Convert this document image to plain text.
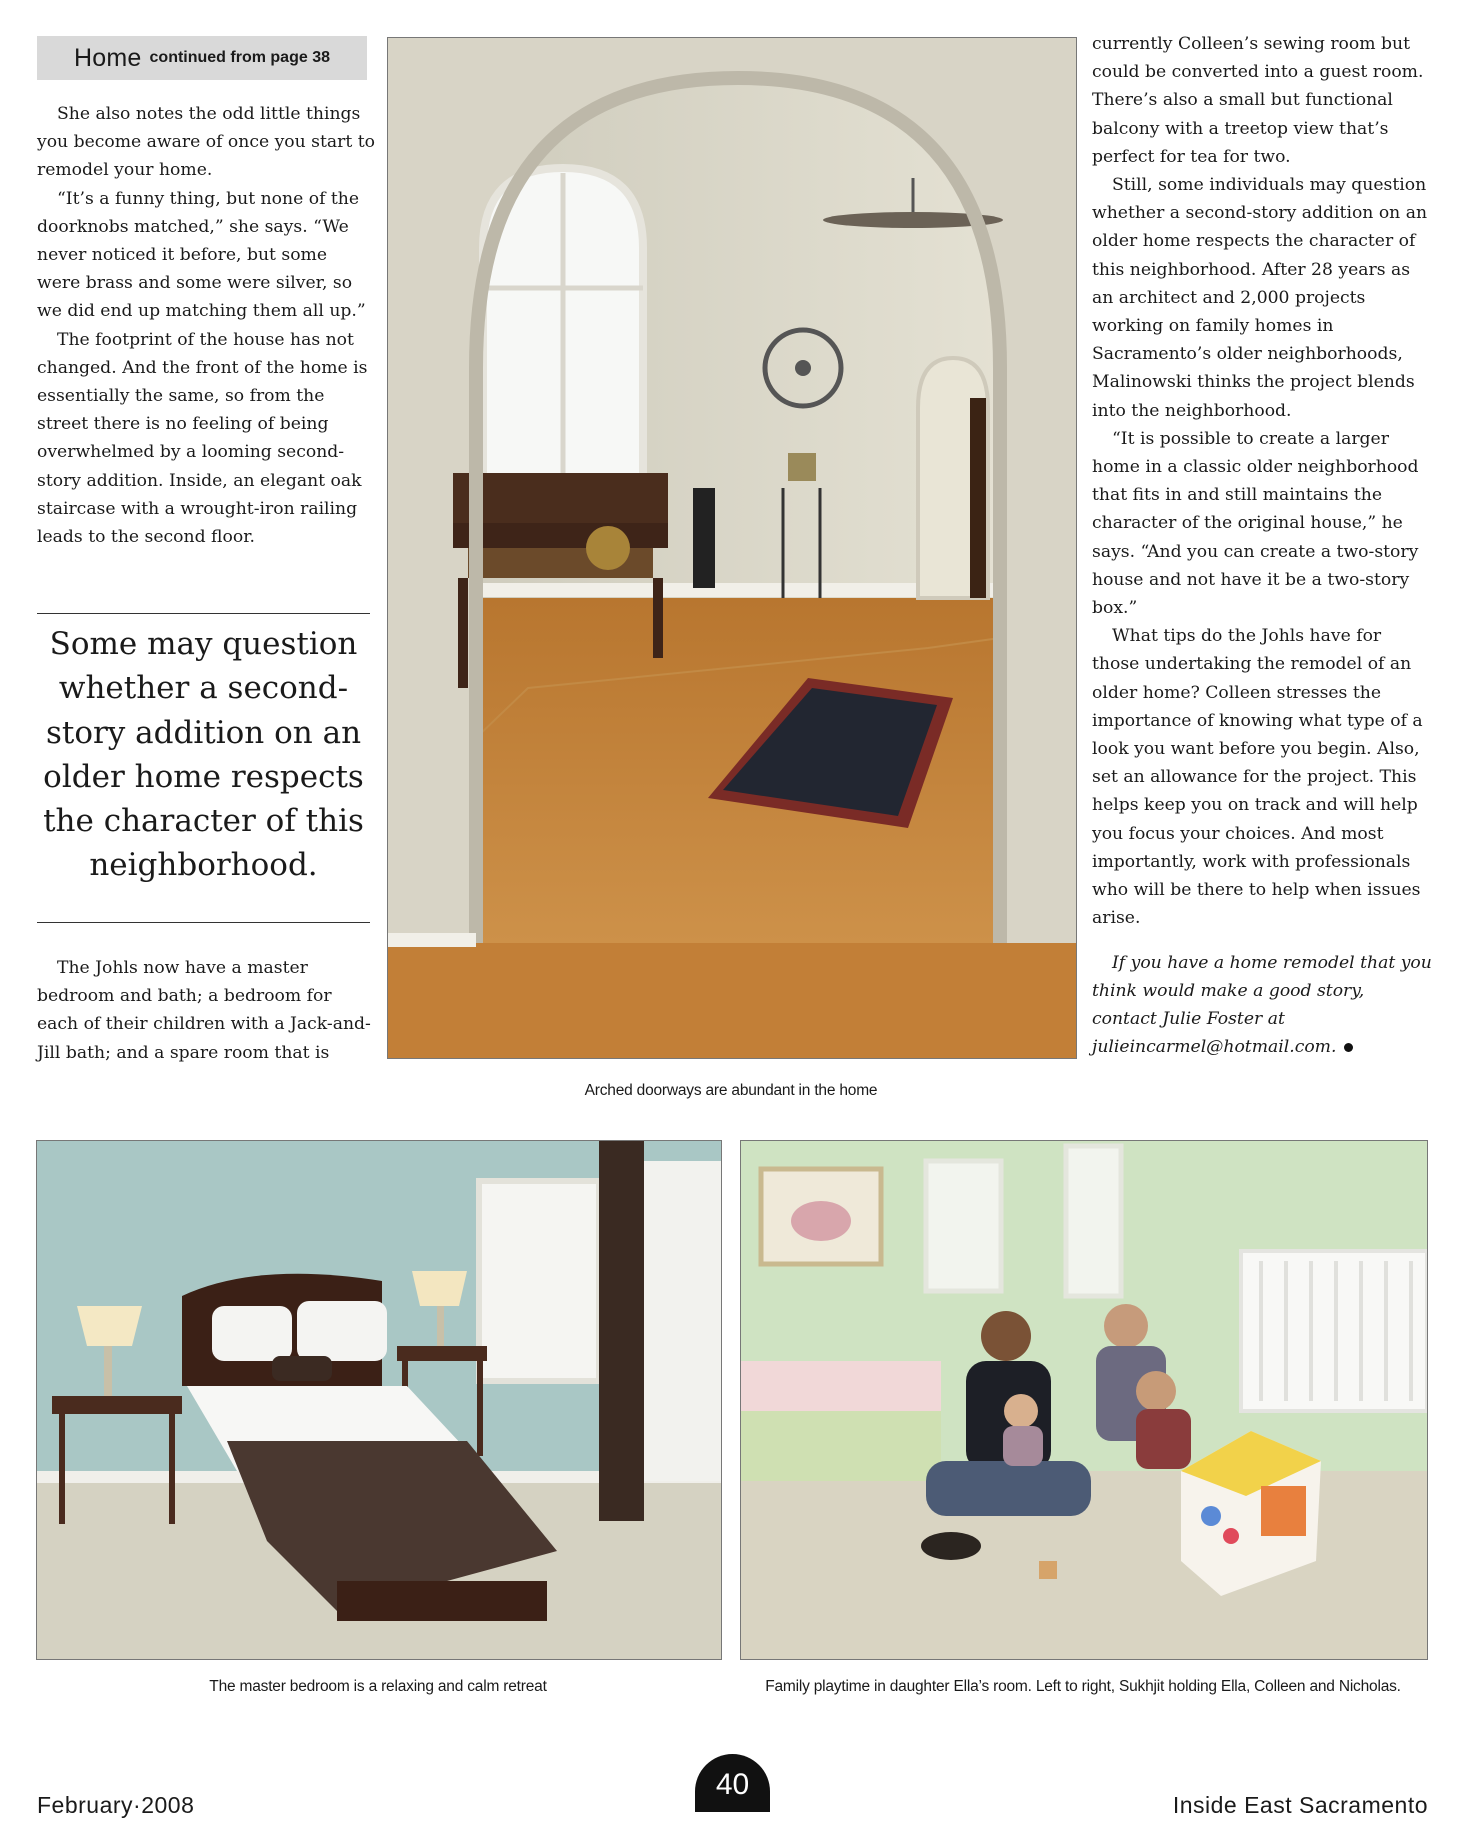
Home continued from page 38

She also notes the odd little things you become aware of once you start to remodel your home.

“It’s a funny thing, but none of the doorknobs matched,” she says. “We never noticed it before, but some were brass and some were silver, so we did end up matching them all up.”

The footprint of the house has not changed. And the front of the home is essentially the same, so from the street there is no feeling of being overwhelmed by a looming second-story addition. Inside, an elegant oak staircase with a wrought-iron railing leads to the second floor.

Some may question whether a second-story addition on an older home respects the character of this neighborhood.

The Johls now have a master bedroom and bath; a bedroom for each of their children with a Jack-and-Jill bath; and a spare room that is

Arched doorways are abundant in the home

currently Colleen’s sewing room but could be converted into a guest room. There’s also a small but functional balcony with a treetop view that’s perfect for tea for two.

Still, some individuals may question whether a second-story addition on an older home respects the character of this neighborhood. After 28 years as an architect and 2,000 projects working on family homes in Sacramento’s older neighborhoods, Malinowski thinks the project blends into the neighborhood.

“It is possible to create a larger home in a classic older neighborhood that fits in and still maintains the character of the original house,” he says. “And you can create a two-story house and not have it be a two-story box.”

What tips do the Johls have for those undertaking the remodel of an older home? Colleen stresses the importance of knowing what type of a look you want before you begin. Also, set an allowance for the project. This helps keep you on track and will help you focus your choices. And most importantly, work with professionals who will be there to help when issues arise.

If you have a home remodel that you think would make a good story, contact Julie Foster at julieincarmel@hotmail.com.

The master bedroom is a relaxing and calm retreat	Family playtime in daughter Ella’s room. Left to right, Sukhjit holding Ella, Colleen and Nicholas.
February·2008
40
Inside East Sacramento
